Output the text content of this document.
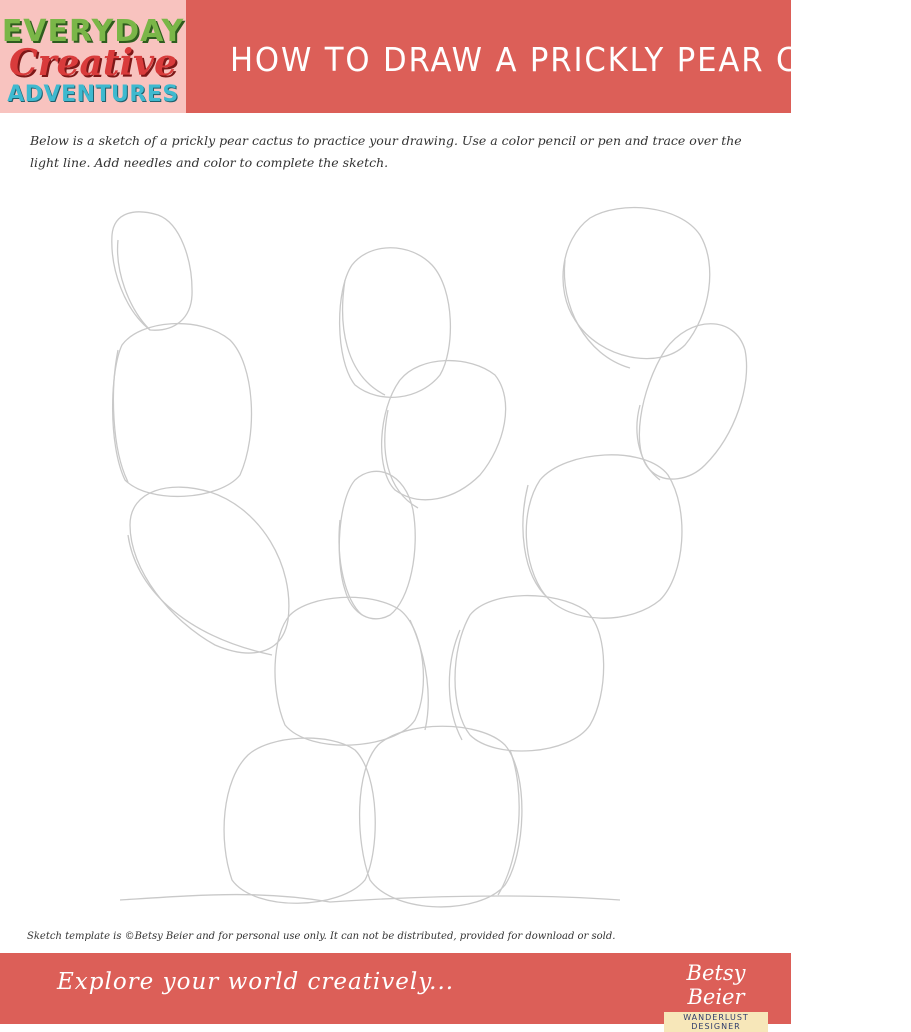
EVERYDAY
Creative
ADVENTURES
HOW TO DRAW A PRICKLY PEAR CACTUS
Below is a sketch of a prickly pear cactus to practice your drawing. Use a color pencil or pen and trace over the light line. Add needles and color to complete the sketch.
Sketch template is ©Betsy Beier and for personal use only. It can not be distributed, provided for download or sold.
Explore your world creatively...	Betsy Beier
WANDERLUST DESIGNER
